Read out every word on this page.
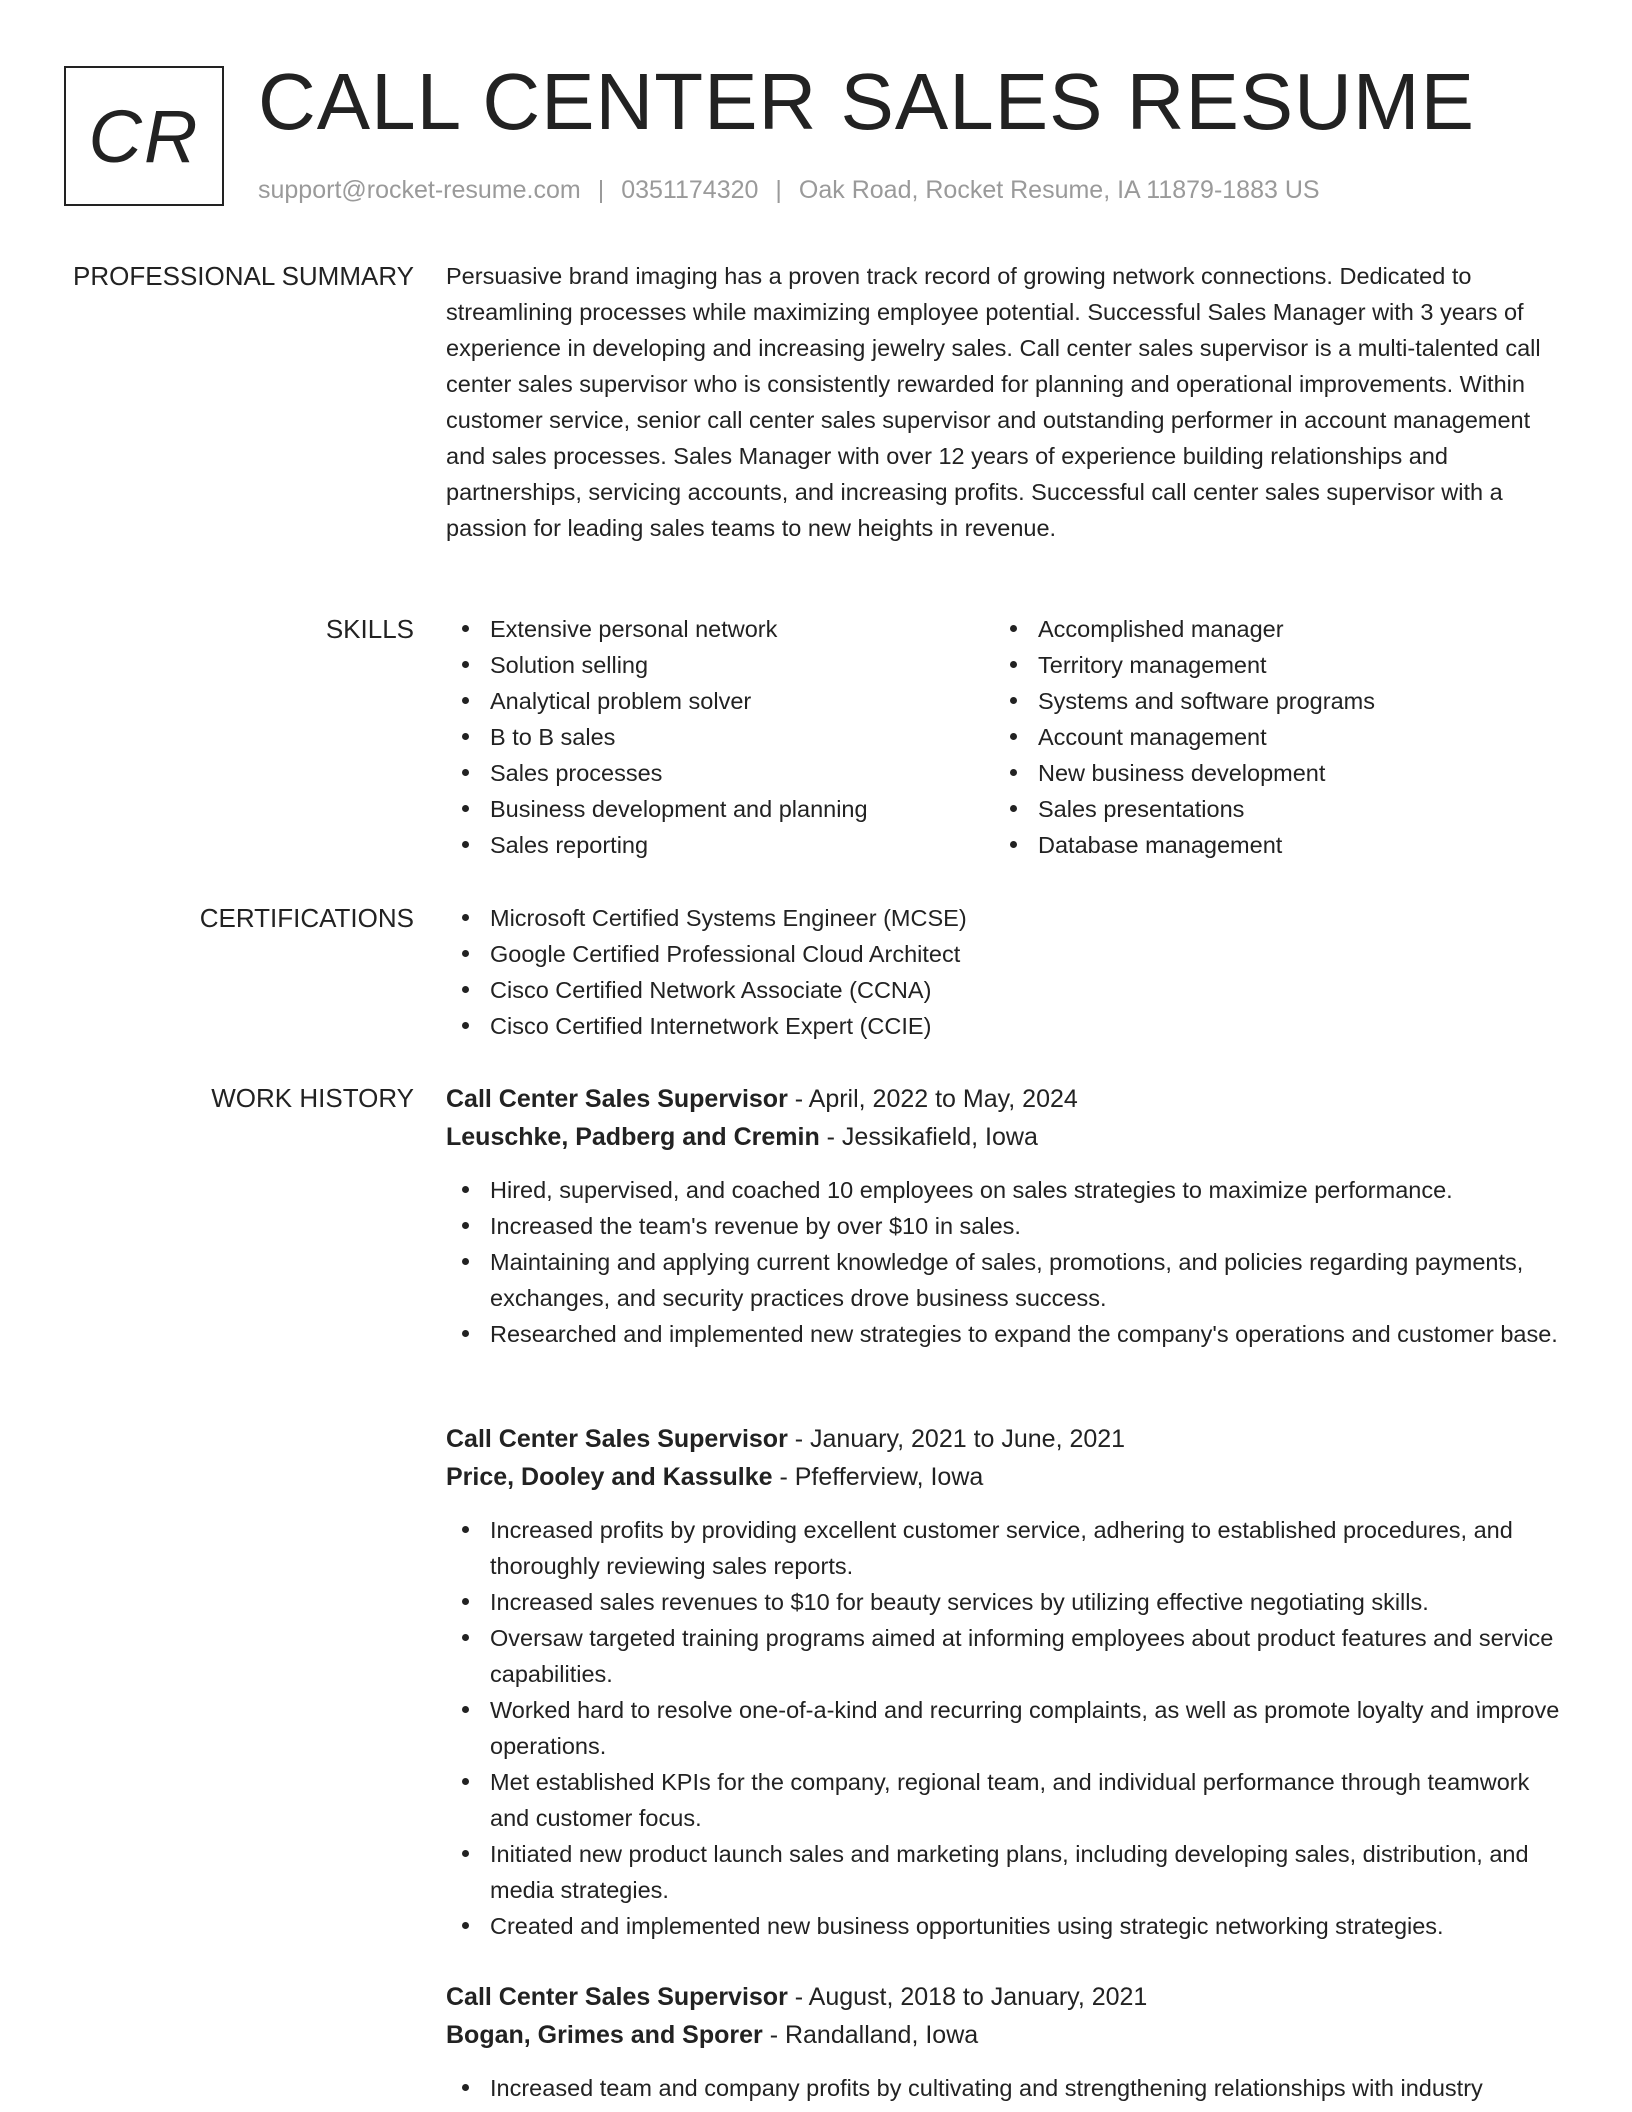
CR CALL CENTER SALES RESUME
support@rocket-resume.com | 0351174320 | Oak Road, Rocket Resume, IA 11879-1883 US
PROFESSIONAL SUMMARY Persuasive brand imaging has a proven track record of growing network connections. Dedicated to streamlining processes while maximizing employee potential. Successful Sales Manager with 3 years of experience in developing and increasing jewelry sales. Call center sales supervisor is a multi-talented call center sales supervisor who is consistently rewarded for planning and operational improvements. Within customer service, senior call center sales supervisor and outstanding performer in account management and sales processes. Sales Manager with over 12 years of experience building relationships and partnerships, servicing accounts, and increasing profits. Successful call center sales supervisor with a passion for leading sales teams to new heights in revenue.

SKILLS	Extensive personal network
Solution selling
Analytical problem solver
B to B sales
Sales processes
Business development and planning
Sales reporting
Accomplished manager
Territory management
Systems and software programs
Account management
New business development
Sales presentations
Database management
CERTIFICATIONS	Microsoft Certified Systems Engineer (MCSE)
Google Certified Professional Cloud Architect
Cisco Certified Network Associate (CCNA)
Cisco Certified Internetwork Expert (CCIE)
WORK HISTORY Call Center Sales Supervisor - April, 2022 to May, 2024
Leuschke, Padberg and Cremin - Jessikafield, Iowa
Hired, supervised, and coached 10 employees on sales strategies to maximize performance.
Increased the team's revenue by over $10 in sales.
Maintaining and applying current knowledge of sales, promotions, and policies regarding payments, exchanges, and security practices drove business success.
Researched and implemented new strategies to expand the company's operations and customer base.
Call Center Sales Supervisor - January, 2021 to June, 2021
Price, Dooley and Kassulke - Pfefferview, Iowa
Increased profits by providing excellent customer service, adhering to established procedures, and thoroughly reviewing sales reports.
Increased sales revenues to $10 for beauty services by utilizing effective negotiating skills.
Oversaw targeted training programs aimed at informing employees about product features and service capabilities.
Worked hard to resolve one-of-a-kind and recurring complaints, as well as promote loyalty and improve operations.
Met established KPIs for the company, regional team, and individual performance through teamwork and customer focus.
Initiated new product launch sales and marketing plans, including developing sales, distribution, and media strategies.
Created and implemented new business opportunities using strategic networking strategies.
Call Center Sales Supervisor - August, 2018 to January, 2021
Bogan, Grimes and Sporer - Randalland, Iowa
Increased team and company profits by cultivating and strengthening relationships with industry
